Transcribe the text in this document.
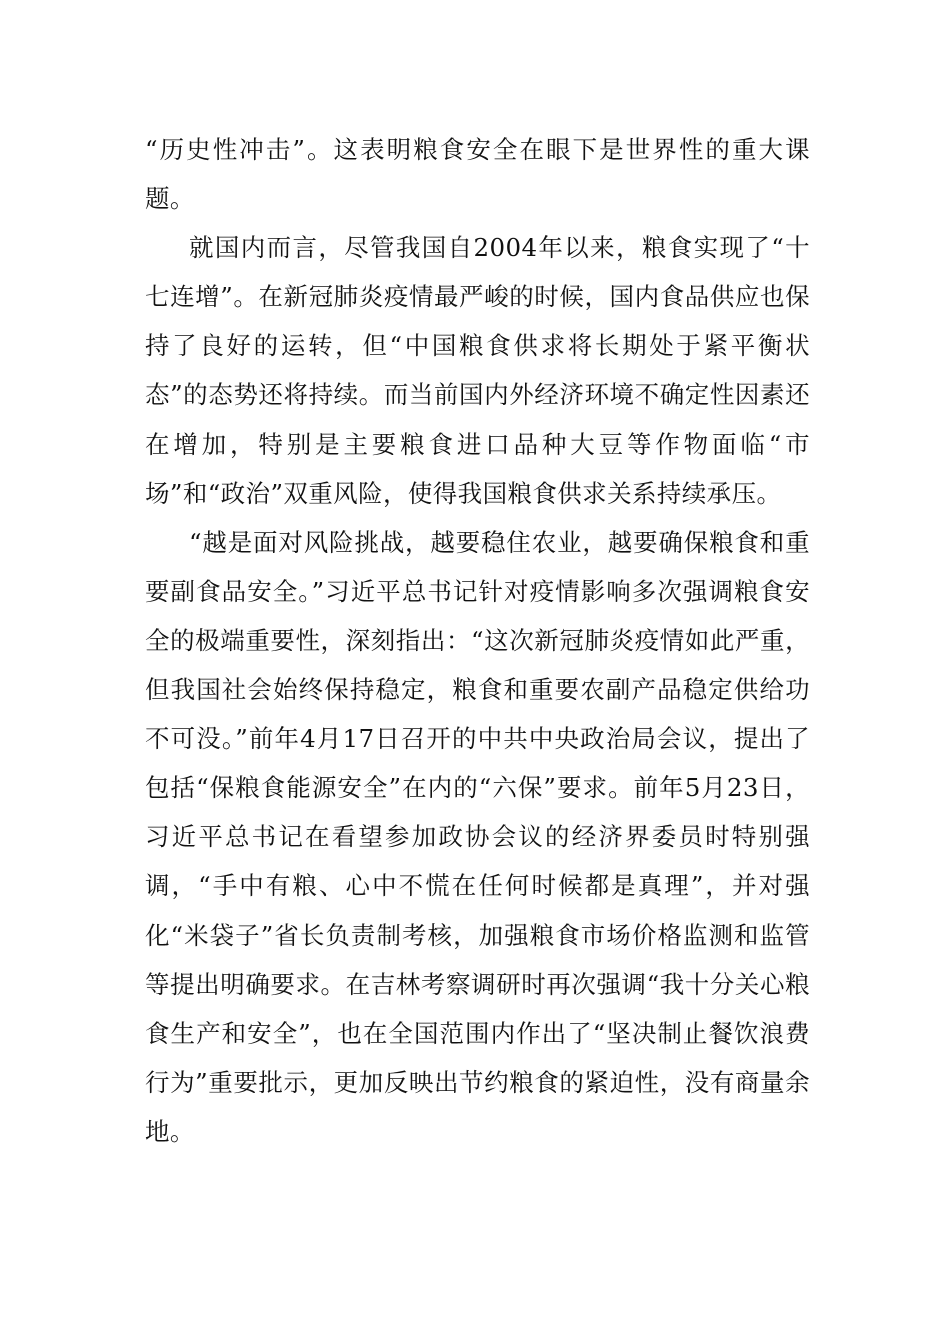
“历史性冲击”。这表明粮食安全在眼下是世界性的重大课题。

就国内而言，尽管我国自2004年以来，粮食实现了“十七连增”。在新冠肺炎疫情最严峻的时候，国内食品供应也保持了良好的运转，但“中国粮食供求将长期处于紧平衡状态”的态势还将持续。而当前国内外经济环境不确定性因素还在增加，特别是主要粮食进口品种大豆等作物面临“市场”和“政治”双重风险，使得我国粮食供求关系持续承压。

“越是面对风险挑战，越要稳住农业，越要确保粮食和重要副食品安全。”习近平总书记针对疫情影响多次强调粮食安全的极端重要性，深刻指出：“这次新冠肺炎疫情如此严重，但我国社会始终保持稳定，粮食和重要农副产品稳定供给功不可没。”前年4月17日召开的中共中央政治局会议，提出了包括“保粮食能源安全”在内的“六保”要求。前年5月23日，习近平总书记在看望参加政协会议的经济界委员时特别强调，“手中有粮、心中不慌在任何时候都是真理”，并对强化“米袋子”省长负责制考核，加强粮食市场价格监测和监管等提出明确要求。在吉林考察调研时再次强调“我十分关心粮食生产和安全”，也在全国范围内作出了“坚决制止餐饮浪费行为”重要批示，更加反映出节约粮食的紧迫性，没有商量余地。
